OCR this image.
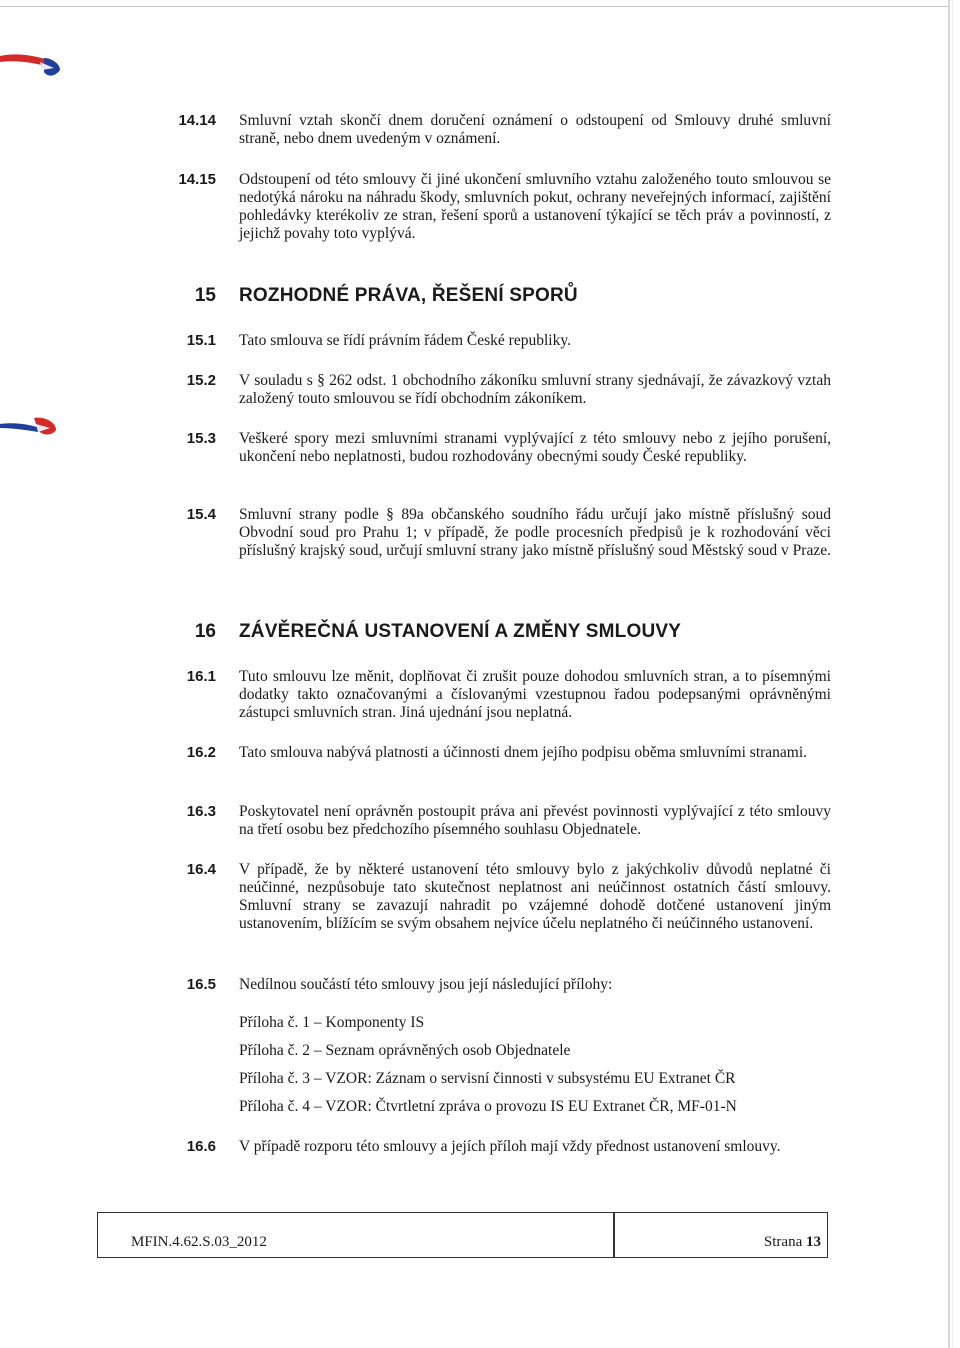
14.14 Smluvní vztah skončí dnem doručení oznámení o odstoupení od Smlouvy druhé smluvní straně, nebo dnem uvedeným v oznámení.
14.15 Odstoupení od této smlouvy či jiné ukončení smluvního vztahu založeného touto smlouvou se nedotýká nároku na náhradu škody, smluvních pokut, ochrany neveřejných informací, zajištění pohledávky kterékoliv ze stran, řešení sporů a ustanovení týkající se těch práv a povinností, z jejichž povahy toto vyplývá.
15 ROZHODNÉ PRÁVA, ŘEŠENÍ SPORŮ
15.1 Tato smlouva se řídí právním řádem České republiky.
15.2 V souladu s § 262 odst. 1 obchodního zákoníku smluvní strany sjednávají, že závazkový vztah založený touto smlouvou se řídí obchodním zákoníkem.
15.3 Veškeré spory mezi smluvními stranami vyplývající z této smlouvy nebo z jejího porušení, ukončení nebo neplatnosti, budou rozhodovány obecnými soudy České republiky.
15.4 Smluvní strany podle § 89a občanského soudního řádu určují jako místně příslušný soud Obvodní soud pro Prahu 1; v případě, že podle procesních předpisů je k rozhodování věci příslušný krajský soud, určují smluvní strany jako místně příslušný soud Městský soud v Praze.
16 ZÁVĚREČNÁ USTANOVENÍ A ZMĚNY SMLOUVY
16.1 Tuto smlouvu lze měnit, doplňovat či zrušit pouze dohodou smluvních stran, a to písemnými dodatky takto označovanými a číslovanými vzestupnou řadou podepsanými oprávněnými zástupci smluvních stran. Jiná ujednání jsou neplatná.
16.2 Tato smlouva nabývá platnosti a účinnosti dnem jejího podpisu oběma smluvními stranami.
16.3 Poskytovatel není oprávněn postoupit práva ani převést povinnosti vyplývající z této smlouvy na třetí osobu bez předchozího písemného souhlasu Objednatele.
16.4 V případě, že by některé ustanovení této smlouvy bylo z jakýchkoliv důvodů neplatné či neúčinné, nezpůsobuje tato skutečnost neplatnost ani neúčinnost ostatních částí smlouvy. Smluvní strany se zavazují nahradit po vzájemné dohodě dotčené ustanovení jiným ustanovením, blížícím se svým obsahem nejvíce účelu neplatného či neúčinného ustanovení.
16.5 Nedílnou součástí této smlouvy jsou její následující přílohy:
Příloha č. 1 – Komponenty IS
Příloha č. 2 – Seznam oprávněných osob Objednatele
Příloha č. 3 – VZOR: Záznam o servisní činnosti v subsystému EU Extranet ČR
Příloha č. 4 – VZOR: Čtvrtletní zpráva o provozu IS EU Extranet ČR, MF-01-N
16.6 V případě rozporu této smlouvy a jejích příloh mají vždy přednost ustanovení smlouvy.
MFIN.4.62.S.03_2012	Strana 13
